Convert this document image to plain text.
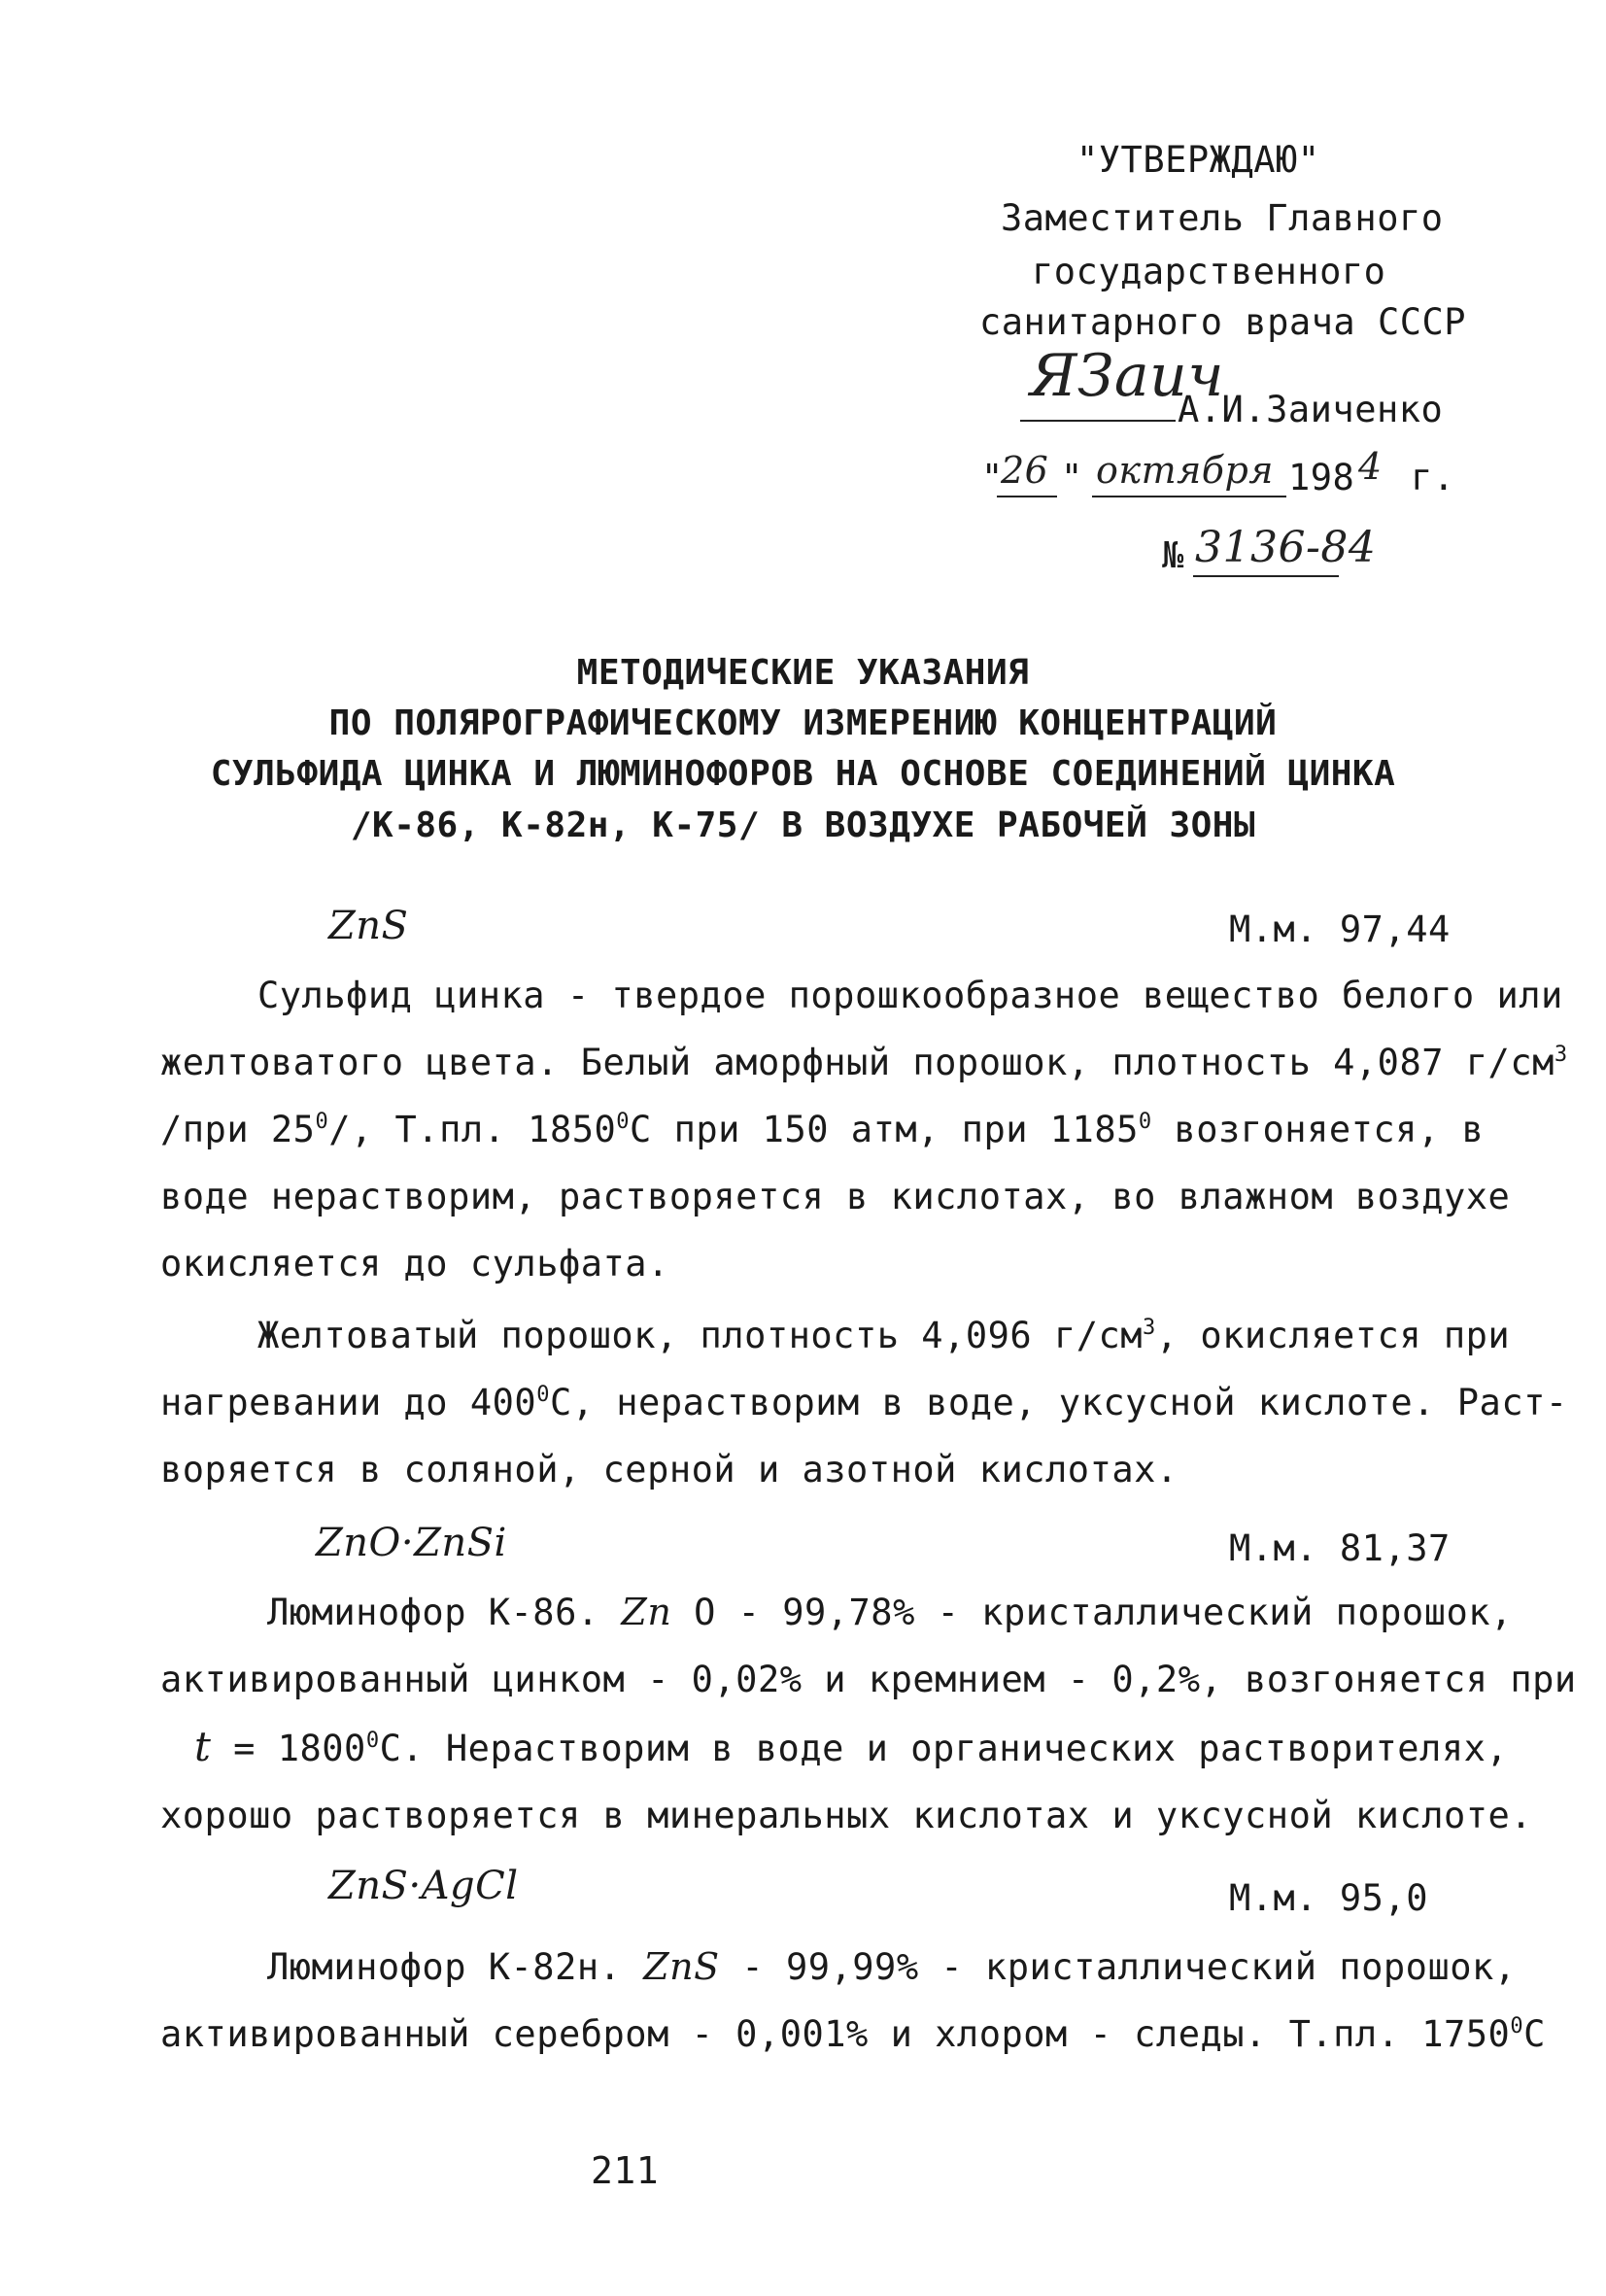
"УТВЕРЖДАЮ"
Заместитель Главного
государственного
санитарного врача СССР
ЯЗаич
А.И.Заиченко
"
26 " октября 198 4 г.
№ 3136-84
МЕТОДИЧЕСКИЕ УКАЗАНИЯ
ПО ПОЛЯРОГРАФИЧЕСКОМУ ИЗМЕРЕНИЮ КОНЦЕНТРАЦИЙ
СУЛЬФИДА ЦИНКА И ЛЮМИНОФОРОВ НА ОСНОВЕ СОЕДИНЕНИЙ ЦИНКА
/К-86, К-82н, К-75/ В ВОЗДУХЕ РАБОЧЕЙ ЗОНЫ
ZnS	М.м. 97,44
Сульфид цинка - твердое порошкообразное вещество белого или
желтоватого цвета. Белый аморфный порошок, плотность 4,087 $г/см^3$
/при $25^0/$, Т.пл. 1850$^0$С при 150 атм, при 1185$^0$ возгоняется, в
воде нерастворим, растворяется в кислотах, во влажном воздухе
окисляется до сульфата.
Желтоватый порошок, плотность 4,096 $г/см^3$, окисляется при
нагревании до $400^0С$, нерастворим в воде, уксусной кислоте. Раст-
воряется в соляной, серной и азотной кислотах.
ZnO·ZnSi	М.м. 81,37
Люминофор К-86. Zn О - 99,78% - кристаллический порошок,
активированный цинком - 0,02% и кремнием - 0,2%, возгоняется при
$t = 1800^0С$. Нерастворим в воде и органических растворителях,
хорошо растворяется в минеральных кислотах и уксусной кислоте.
ZnS·AgCl	М.м. 95,0
Люминофор К-82н. ZnS - 99,99% - кристаллический порошок,
активированный серебром - 0,001% и хлором - следы. Т.пл. 1750$^0$С
211
